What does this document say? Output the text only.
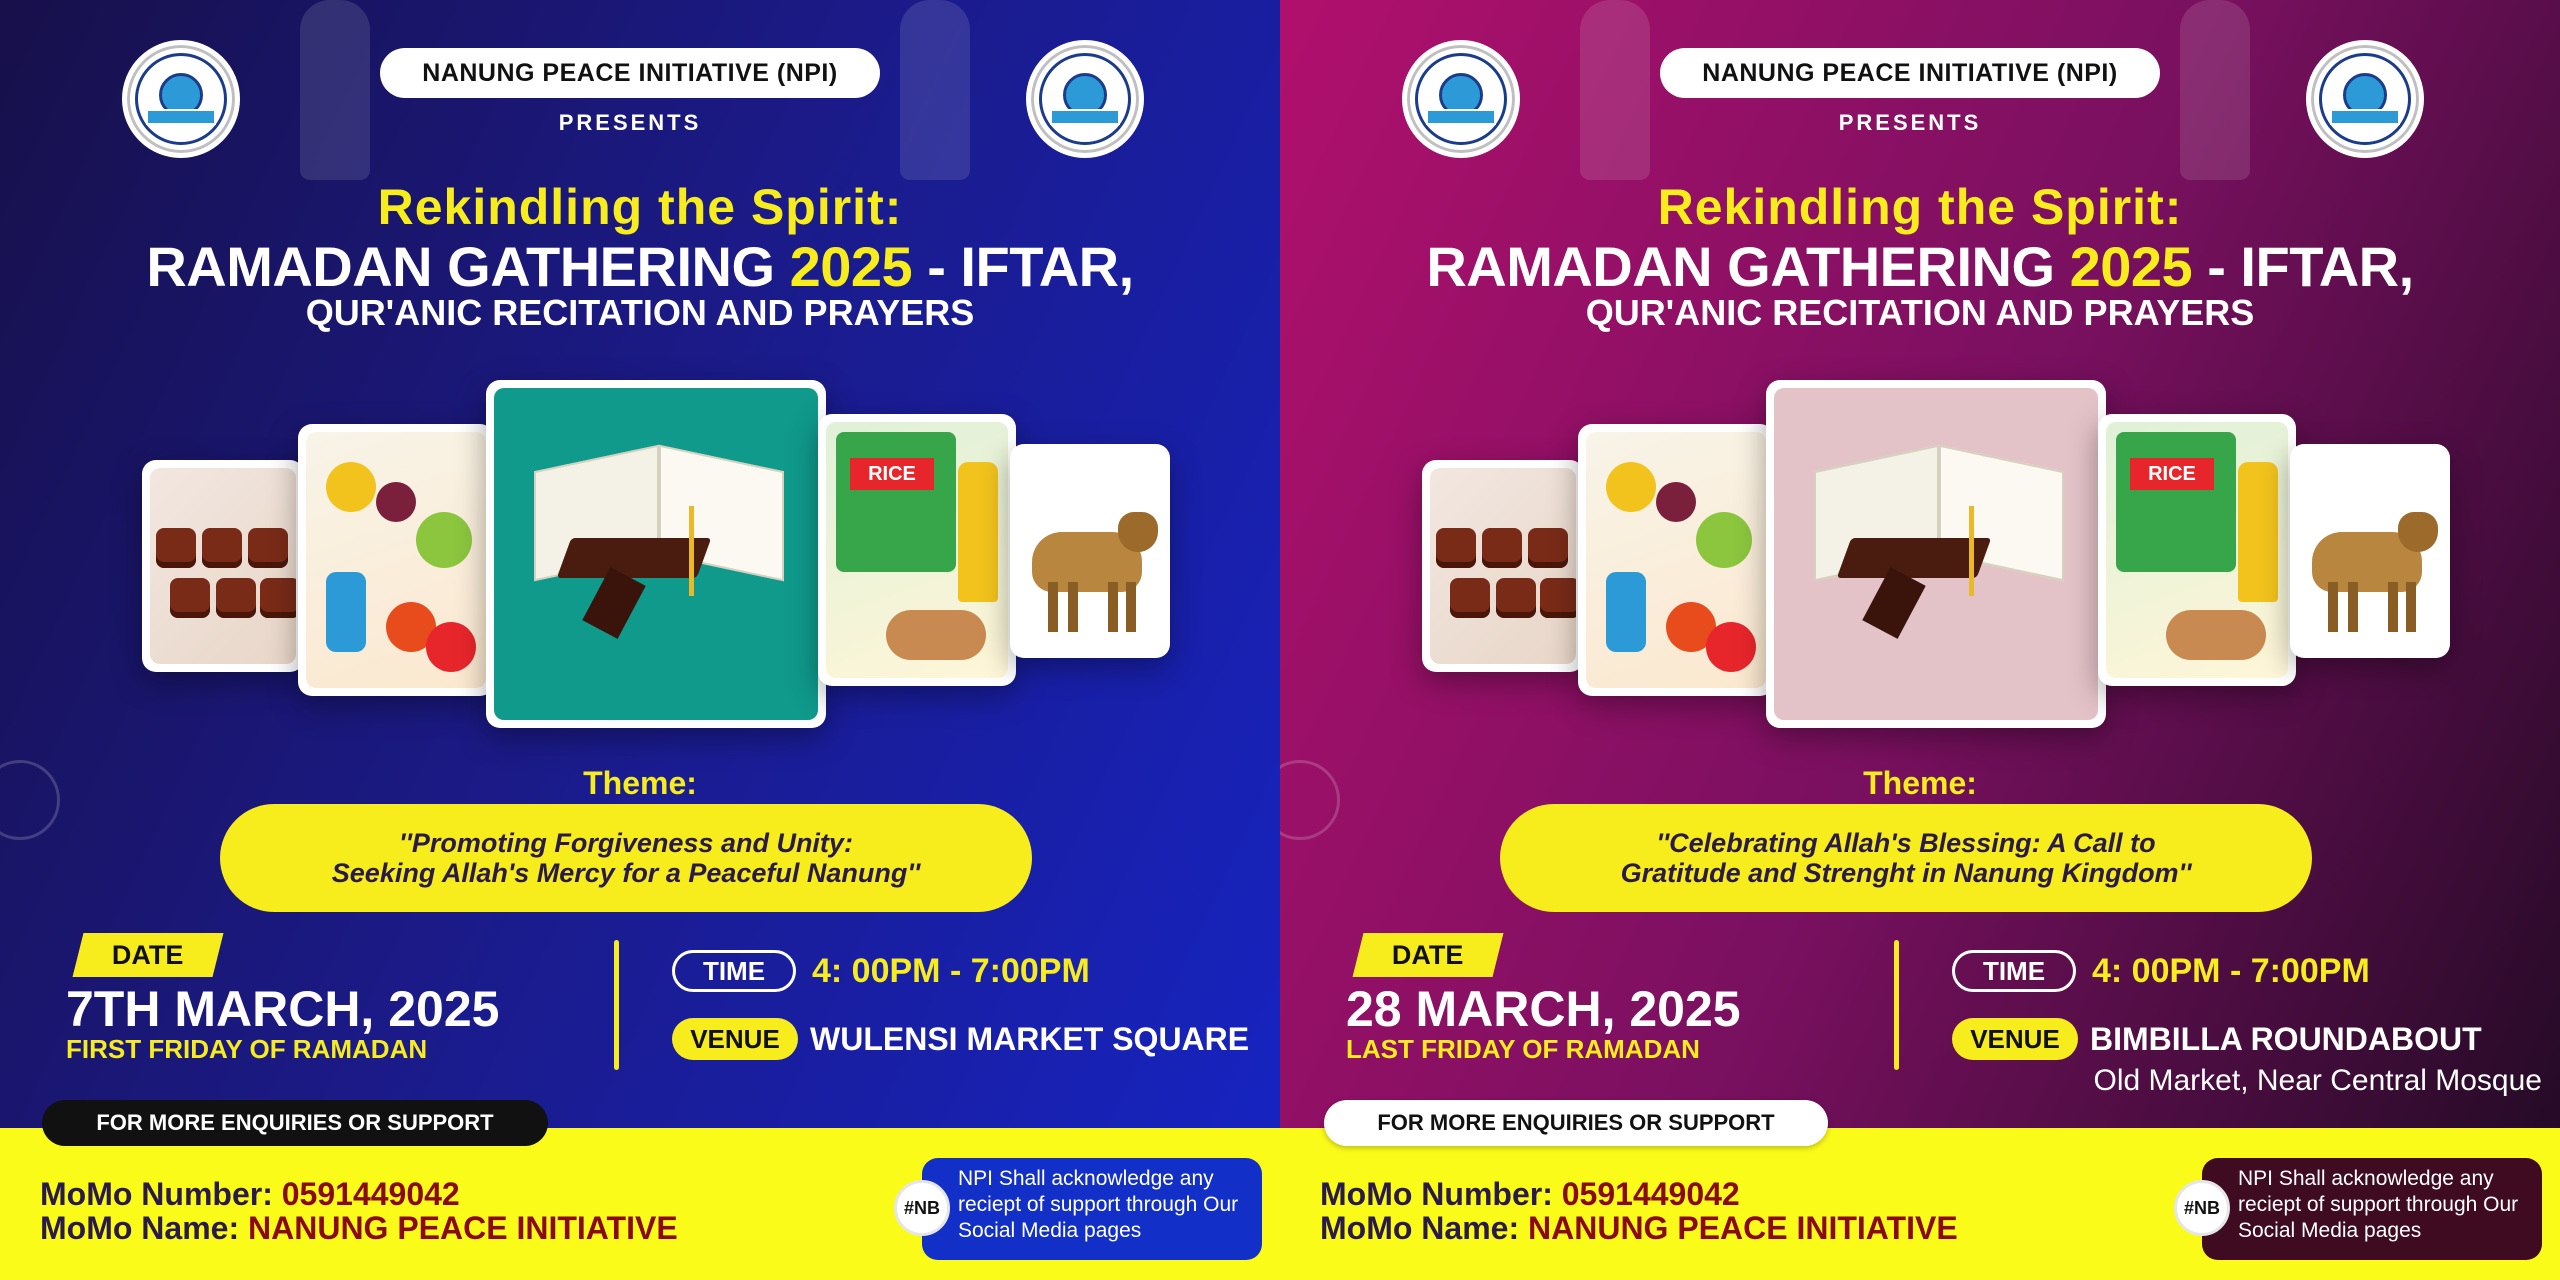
NANUNG PEACE INITIATIVE (NPI)
PRESENTS
Rekindling the Spirit:
RAMADAN GATHERING 2025 - IFTAR,
QUR'ANIC RECITATION AND PRAYERS
RICE
Theme:
''Promoting Forgiveness and Unity:
Seeking Allah's Mercy for a Peaceful Nanung''
DATE
7TH MARCH, 2025
FIRST FRIDAY OF RAMADAN
TIME	4: 00PM - 7:00PM
VENUE WULENSI MARKET SQUARE
FOR MORE ENQUIRIES OR SUPPORT
MoMo Number: 0591449042
MoMo Name: NANUNG PEACE INITIATIVE
#NB
NPI Shall acknowledge any reciept of support through Our Social Media pages
NANUNG PEACE INITIATIVE (NPI)
PRESENTS
Rekindling the Spirit:
RAMADAN GATHERING 2025 - IFTAR,
QUR'ANIC RECITATION AND PRAYERS
RICE
Theme:
''Celebrating Allah's Blessing: A Call to
Gratitude and Strenght in Nanung Kingdom''
DATE
28 MARCH, 2025
LAST FRIDAY OF RAMADAN
TIME	4: 00PM - 7:00PM
VENUE BIMBILLA ROUNDABOUT
Old Market, Near Central Mosque
FOR MORE ENQUIRIES OR SUPPORT
MoMo Number: 0591449042
MoMo Name: NANUNG PEACE INITIATIVE
#NB
NPI Shall acknowledge any reciept of support through Our Social Media pages
